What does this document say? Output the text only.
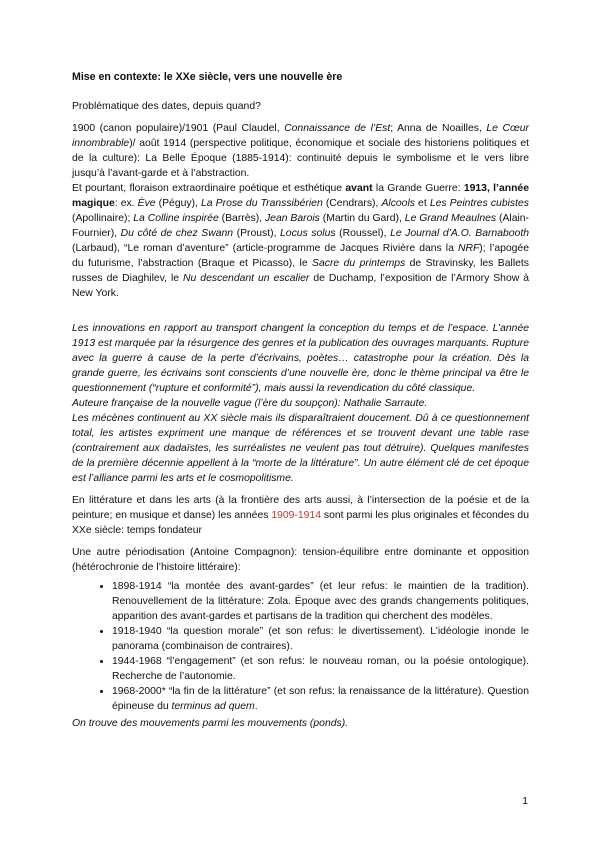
Mise en contexte: le XXe siècle, vers une nouvelle ère

Problématique des dates, depuis quand?

1900 (canon populaire)/1901 (Paul Claudel, Connaissance de l’Est; Anna de Noailles, Le Cœur innombrable)/ août 1914 (perspective politique, économique et sociale des historiens politiques et de la culture): La Belle Époque (1885-1914): continuité depuis le symbolisme et le vers libre jusqu’à l’avant-garde et à l’abstraction.

Et pourtant, floraison extraordinaire poétique et esthétique avant la Grande Guerre: 1913, l’année magique: ex. Ève (Péguy), La Prose du Transsibérien (Cendrars), Alcools et Les Peintres cubistes (Apollinaire); La Colline inspirée (Barrès), Jean Barois (Martin du Gard), Le Grand Meaulnes (Alain-Fournier), Du côté de chez Swann (Proust), Locus solus (Roussel), Le Journal d’A.O. Barnabooth (Larbaud), “Le roman d’aventure” (article-programme de Jacques Rivière dans la NRF); l’apogée du futurisme, l’abstraction (Braque et Picasso), le Sacre du printemps de Stravinsky, les Ballets russes de Diaghilev, le Nu descendant un escalier de Duchamp, l’exposition de l’Armory Show à New York.

Les innovations en rapport au transport changent la conception du temps et de l’espace. L’année 1913 est marquée par la résurgence des genres et la publication des ouvrages marquants. Rupture avec la guerre à cause de la perte d’écrivains, poètes… catastrophe pour la création. Dès la grande guerre, les écrivains sont conscients d’une nouvelle ère, donc le thème principal va être le questionnement (“rupture et conformité”), mais aussi la revendication du côté classique.

Auteure française de la nouvelle vague (l’ère du soupçon): Nathalie Sarraute.

Les mécènes continuent au XX siècle mais ils disparaîtraient doucement. Dû à ce questionnement total, les artistes expriment une manque de références et se trouvent devant une table rase (contrairement aux dadaïstes, les surréalistes ne veulent pas tout détruire). Quelques manifestes de la première décennie appellent à la “morte de la littérature”. Un autre élément clé de cet époque est l’alliance parmi les arts et le cosmopolitisme.

En littérature et dans les arts (à la frontière des arts aussi, à l’intersection de la poésie et de la peinture; en musique et danse) les années 1909-1914 sont parmi les plus originales et fécondes du XXe siècle: temps fondateur

Une autre périodisation (Antoine Compagnon): tension-équilibre entre dominante et opposition (hétérochronie de l’histoire littéraire):

• 1898-1914 “la montée des avant-gardes” (et leur refus: le maintien de la tradition). Renouvellement de la littérature: Zola. Époque avec des grands changements politiques, apparition des avant-gardes et partisans de la tradition qui cherchent des modèles.
• 1918-1940 “la question morale” (et son refus: le divertissement). L’idéologie inonde le panorama (combinaison de contraires).
• 1944-1968 “l’engagement” (et son refus: le nouveau roman, ou la poésie ontologique). Recherche de l’autonomie.
• 1968-2000* “la fin de la littérature” (et son refus: la renaissance de la littérature). Question épineuse du terminus ad quem.

On trouve des mouvements parmi les mouvements (ponds).

1
